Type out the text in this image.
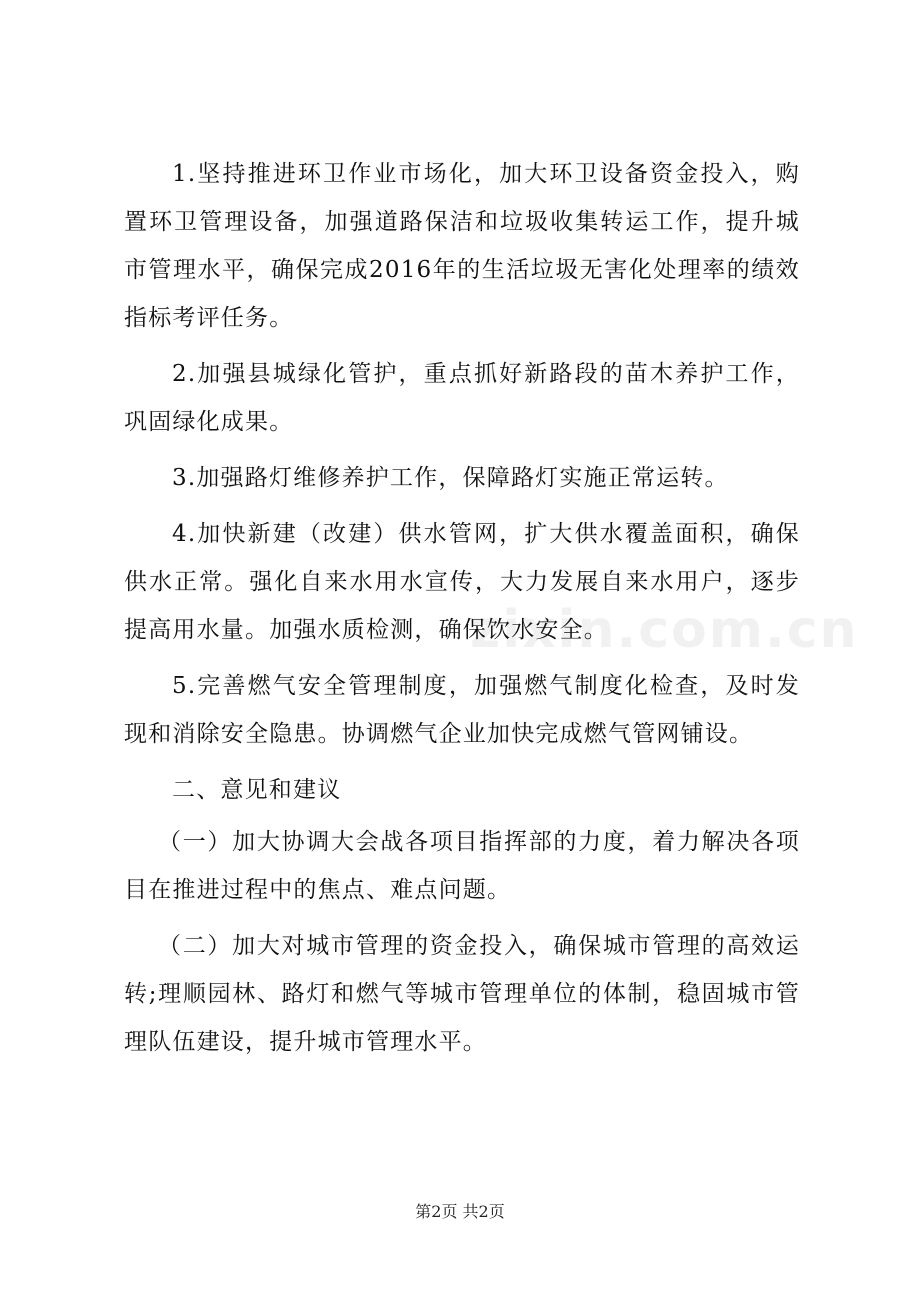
zixin.com.cn

1.坚持推进环卫作业市场化，加大环卫设备资金投入，购置环卫管理设备，加强道路保洁和垃圾收集转运工作，提升城市管理水平，确保完成2016年的生活垃圾无害化处理率的绩效指标考评任务。

2.加强县城绿化管护，重点抓好新路段的苗木养护工作，巩固绿化成果。

3.加强路灯维修养护工作，保障路灯实施正常运转。

4.加快新建（改建）供水管网，扩大供水覆盖面积，确保供水正常。强化自来水用水宣传，大力发展自来水用户，逐步提高用水量。加强水质检测，确保饮水安全。

5.完善燃气安全管理制度，加强燃气制度化检查，及时发现和消除安全隐患。协调燃气企业加快完成燃气管网铺设。

二、意见和建议

（一）加大协调大会战各项目指挥部的力度，着力解决各项目在推进过程中的焦点、难点问题。

（二）加大对城市管理的资金投入，确保城市管理的高效运转;理顺园林、路灯和燃气等城市管理单位的体制，稳固城市管理队伍建设，提升城市管理水平。

第2页 共2页
